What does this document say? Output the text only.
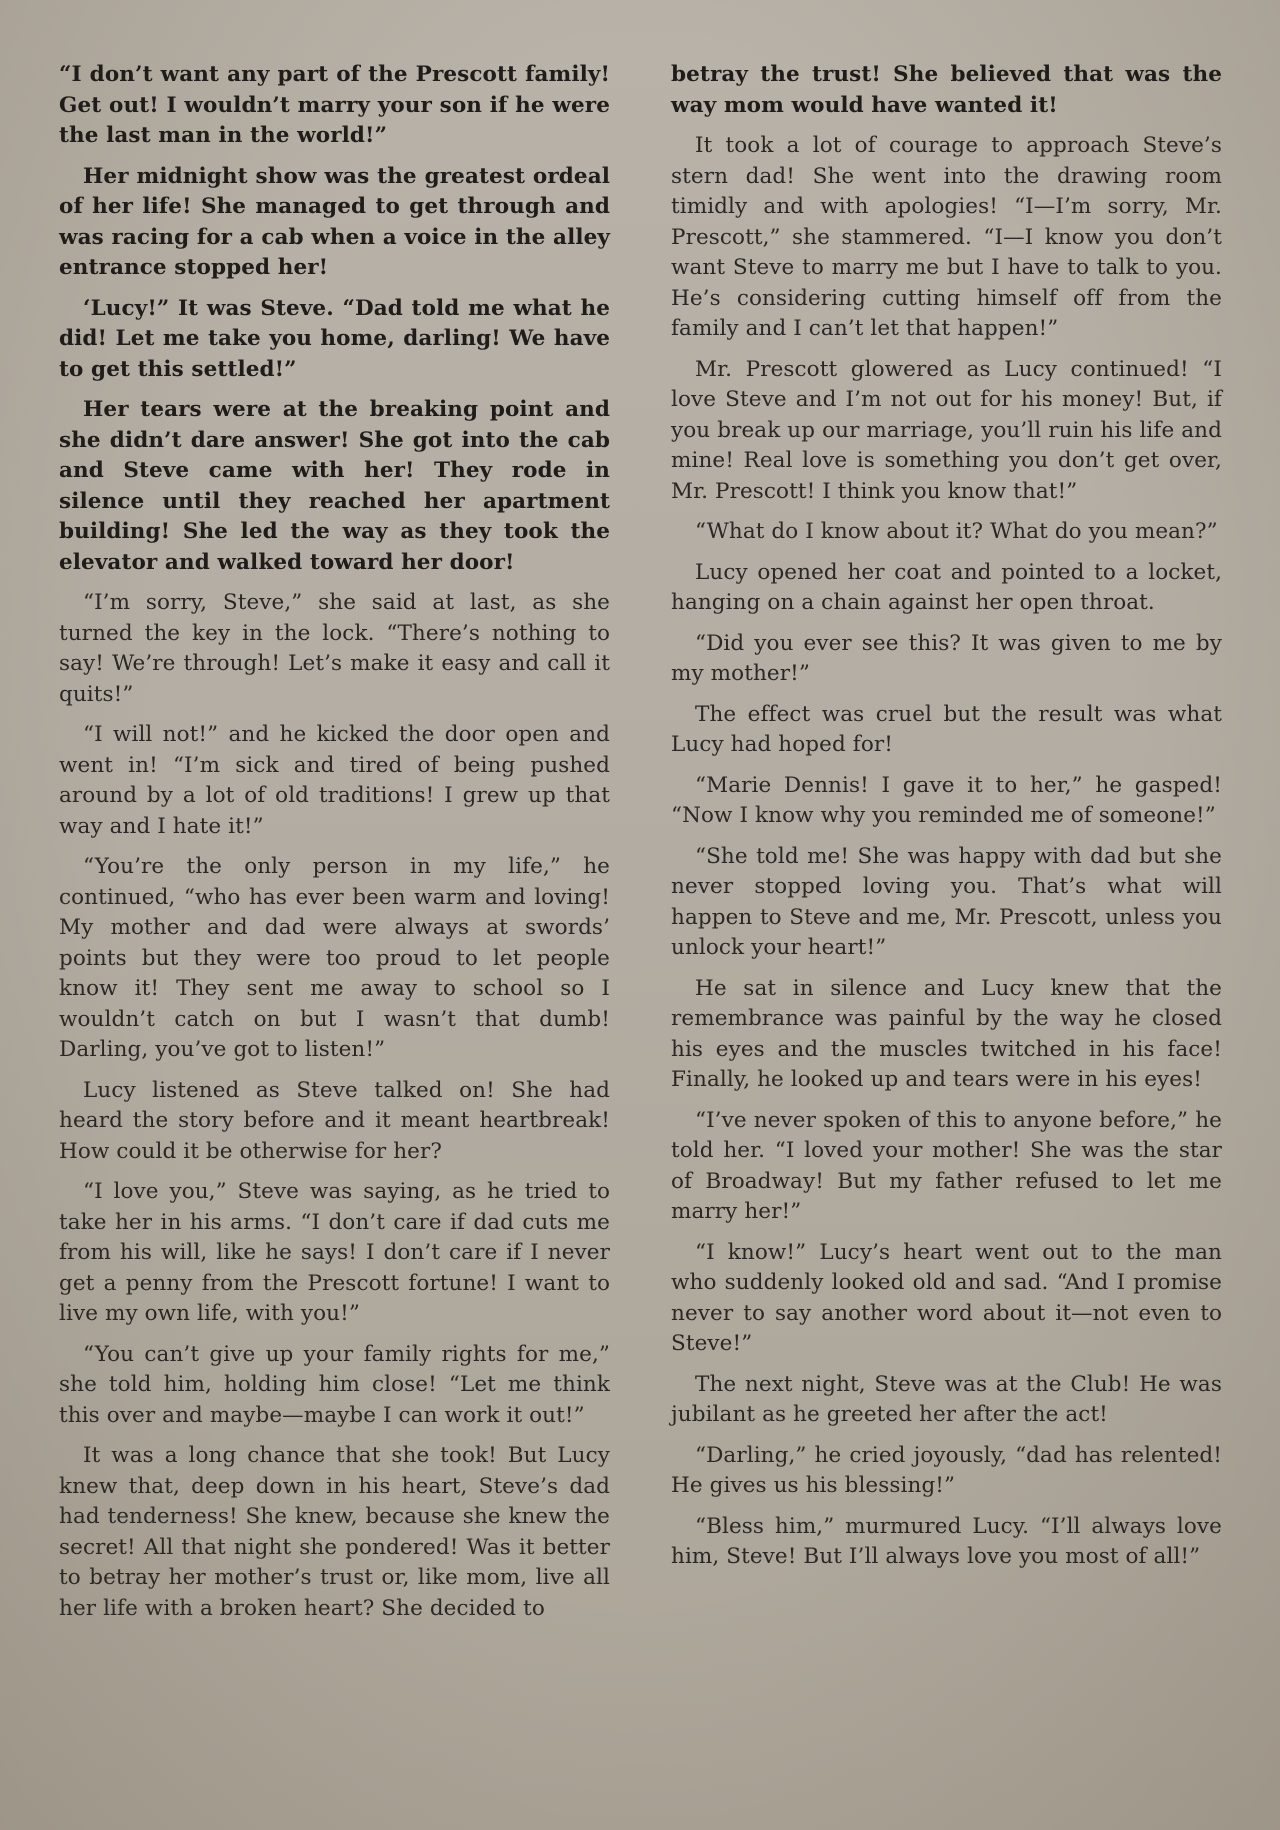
“I don’t want any part of the Prescott family! Get out! I wouldn’t marry your son if he were the last man in the world!”

Her midnight show was the greatest ordeal of her life! She managed to get through and was racing for a cab when a voice in the alley entrance stopped her!

‘Lucy!” It was Steve. “Dad told me what he did! Let me take you home, darling! We have to get this settled!”

Her tears were at the breaking point and she didn’t dare answer! She got into the cab and Steve came with her! They rode in silence until they reached her apartment building! She led the way as they took the elevator and walked toward her door!

“I’m sorry, Steve,” she said at last, as she turned the key in the lock. “There’s nothing to say! We’re through! Let’s make it easy and call it quits!”

“I will not!” and he kicked the door open and went in! “I’m sick and tired of being pushed around by a lot of old traditions! I grew up that way and I hate it!”

“You’re the only person in my life,” he continued, “who has ever been warm and loving! My mother and dad were always at swords’ points but they were too proud to let people know it! They sent me away to school so I wouldn’t catch on but I wasn’t that dumb! Darling, you’ve got to listen!”

Lucy listened as Steve talked on! She had heard the story before and it meant heartbreak! How could it be otherwise for her?

“I love you,” Steve was saying, as he tried to take her in his arms. “I don’t care if dad cuts me from his will, like he says! I don’t care if I never get a penny from the Prescott fortune! I want to live my own life, with you!”

“You can’t give up your family rights for me,” she told him, holding him close! “Let me think this over and maybe—maybe I can work it out!”

It was a long chance that she took! But Lucy knew that, deep down in his heart, Steve’s dad had tenderness! She knew, because she knew the secret! All that night she pondered! Was it better to betray her mother’s trust or, like mom, live all her life with a broken heart? She decided to

betray the trust! She believed that was the way mom would have wanted it!

It took a lot of courage to approach Steve’s stern dad! She went into the drawing room timidly and with apologies! “I—I’m sorry, Mr. Prescott,” she stammered. “I—I know you don’t want Steve to marry me but I have to talk to you. He’s considering cutting himself off from the family and I can’t let that happen!”

Mr. Prescott glowered as Lucy continued! “I love Steve and I’m not out for his money! But, if you break up our marriage, you’ll ruin his life and mine! Real love is something you don’t get over, Mr. Prescott! I think you know that!”

“What do I know about it? What do you mean?”

Lucy opened her coat and pointed to a locket, hanging on a chain against her open throat.

“Did you ever see this? It was given to me by my mother!”

The effect was cruel but the result was what Lucy had hoped for!

“Marie Dennis! I gave it to her,” he gasped! “Now I know why you reminded me of someone!”

“She told me! She was happy with dad but she never stopped loving you. That’s what will happen to Steve and me, Mr. Prescott, unless you unlock your heart!”

He sat in silence and Lucy knew that the remembrance was painful by the way he closed his eyes and the muscles twitched in his face! Finally, he looked up and tears were in his eyes!

“I’ve never spoken of this to anyone before,” he told her. “I loved your mother! She was the star of Broadway! But my father refused to let me marry her!”

“I know!” Lucy’s heart went out to the man who suddenly looked old and sad. “And I promise never to say another word about it—not even to Steve!”

The next night, Steve was at the Club! He was jubilant as he greeted her after the act!

“Darling,” he cried joyously, “dad has relented! He gives us his blessing!”

“Bless him,” murmured Lucy. “I’ll always love him, Steve! But I’ll always love you most of all!”
